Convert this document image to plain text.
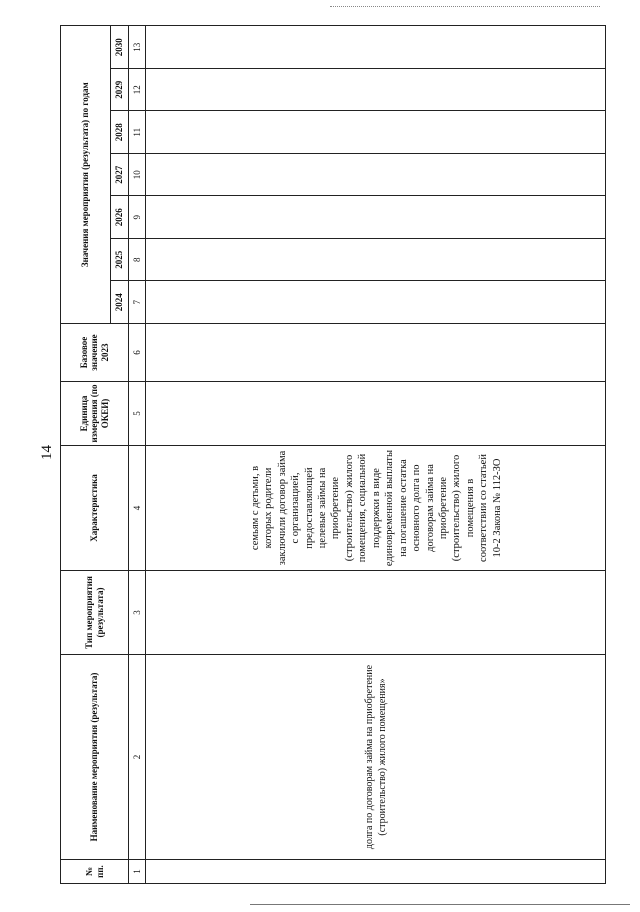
14
№ пп.	Наименование мероприятия (результата)	Тип мероприятия (результата)	Характеристика	Единица измерения (по ОКЕИ)	Базовое значение 2023	Значения мероприятия (результата) по годам						
						2024	2025	2026	2027	2028	2029	2030
1	2	3	4	5	6	7	8	9	10	11	12	13
	долга по договорам займа на приобретение (строительство) жилого помещения»		семьям с детьми, в которых родители заключили договор займа с организацией, предоставляющей целевые займы на приобретение (строительство) жилого помещения, социальной поддержки в виде единовременной выплаты на погашение остатка основного долга по договорам займа на приобретение (строительство) жилого помещения в соответствии со статьей 10-2 Закона № 112-ЗО									
